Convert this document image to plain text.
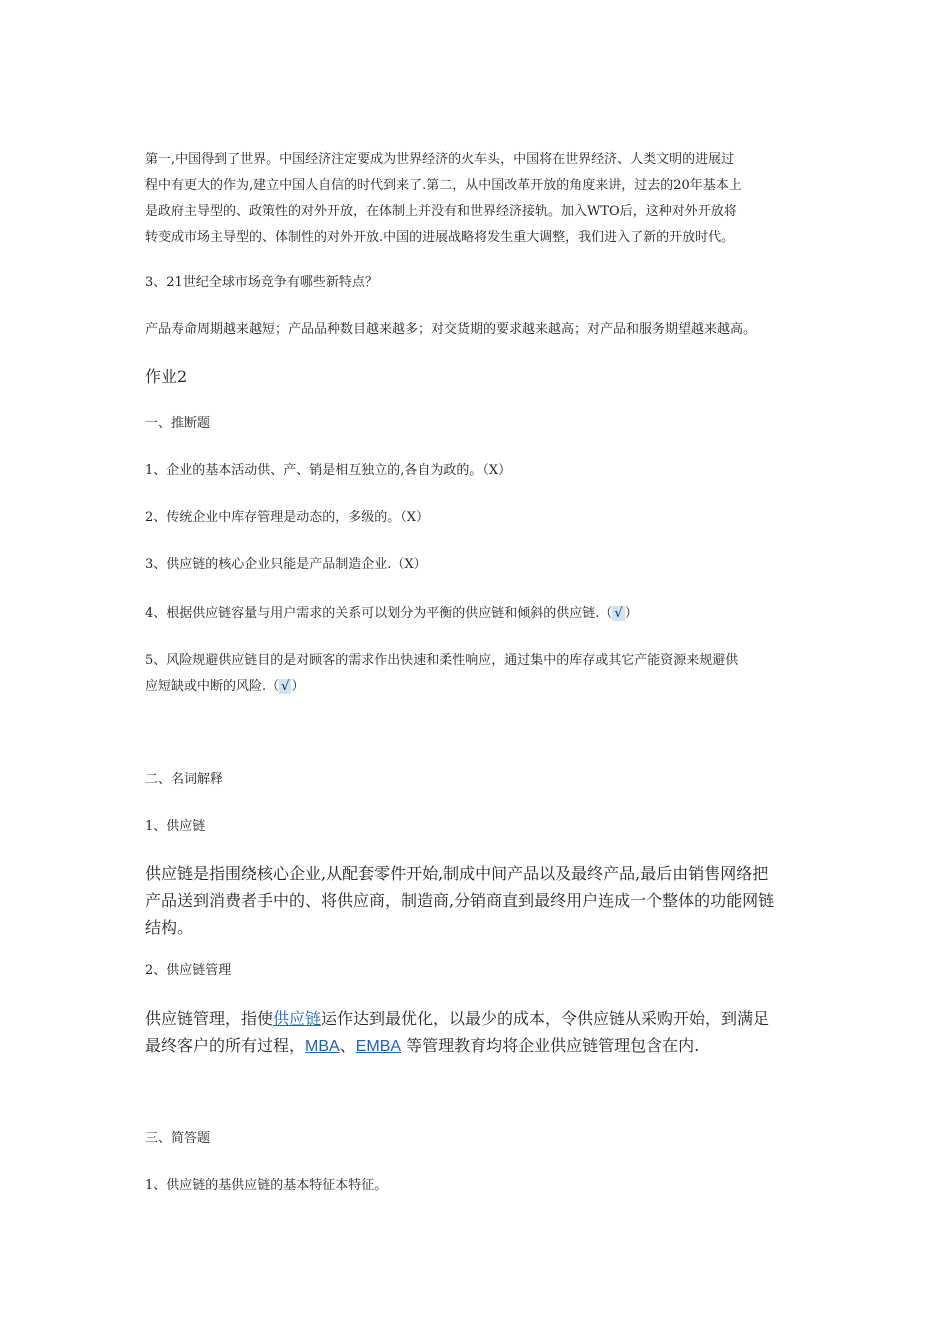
第一,中国得到了世界。中国经济注定要成为世界经济的火车头，中国将在世界经济、人类文明的进展过
程中有更大的作为,建立中国人自信的时代到来了.第二，从中国改革开放的角度来讲，过去的20年基本上
是政府主导型的、政策性的对外开放，在体制上并没有和世界经济接轨。加入WTO后，这种对外开放将
转变成市场主导型的、体制性的对外开放.中国的进展战略将发生重大调整，我们进入了新的开放时代。

3、21世纪全球市场竞争有哪些新特点？

产品寿命周期越来越短；产品品种数目越来越多；对交货期的要求越来越高；对产品和服务期望越来越高。

作业2

一、推断题

1、企业的基本活动供、产、销是相互独立的,各自为政的。（X）

2、传统企业中库存管理是动态的，多级的。（X）

3、供应链的核心企业只能是产品制造企业.（X）

4、根据供应链容量与用户需求的关系可以划分为平衡的供应链和倾斜的供应链.（ √ ）

5、风险规避供应链目的是对顾客的需求作出快速和柔性响应，通过集中的库存或其它产能资源来规避供
应短缺或中断的风险.（ √ ）

二、名词解释

1、供应链

供应链是指围绕核心企业,从配套零件开始,制成中间产品以及最终产品,最后由销售网络把
产品送到消费者手中的、将供应商，制造商,分销商直到最终用户连成一个整体的功能网链
结构。

2、供应链管理

供应链管理，指使供应链运作达到最优化，以最少的成本，令供应链从采购开始，到满足
最终客户的所有过程，MBA、EMBA 等管理教育均将企业供应链管理包含在内.

三、简答题

1、供应链的基供应链的基本特征本特征。
